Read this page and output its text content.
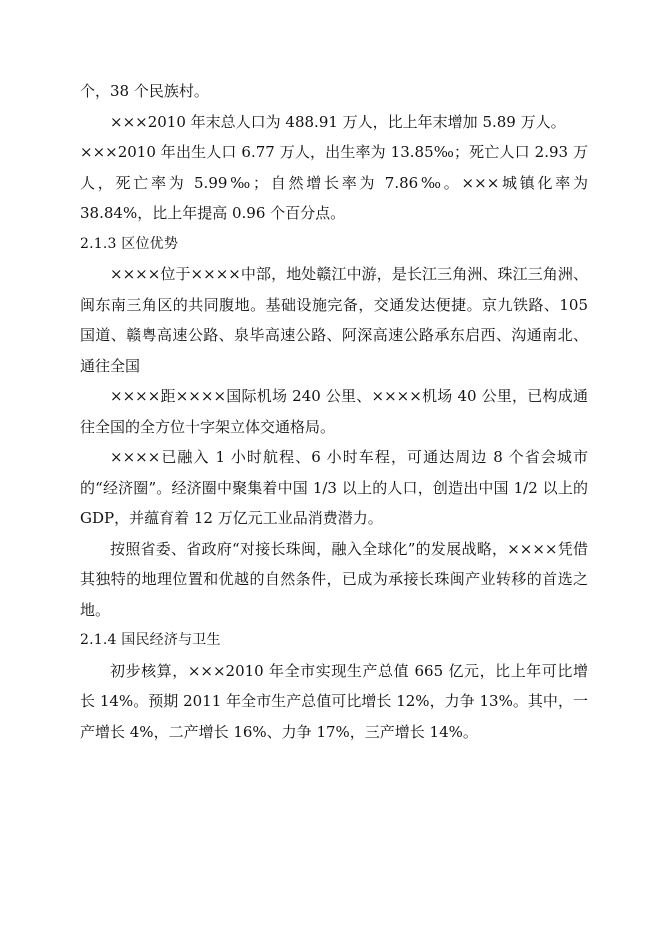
个，38 个民族村。

×××2010 年末总人口为 488.91 万人，比上年末增加 5.89 万人。

×××2010 年出生人口 6.77 万人，出生率为 13.85‰；死亡人口 2.93 万人，死亡率为 5.99‰；自然增长率为 7.86‰。×××城镇化率为 38.84%，比上年提高 0.96 个百分点。

2.1.3 区位优势

××××位于××××中部，地处赣江中游，是长江三角洲、珠江三角洲、闽东南三角区的共同腹地。基础设施完备，交通发达便捷。京九铁路、105 国道、赣粤高速公路、泉毕高速公路、阿深高速公路承东启西、沟通南北、通往全国

××××距××××国际机场 240 公里、××××机场 40 公里，已构成通往全国的全方位十字架立体交通格局。

××××已融入 1 小时航程、6 小时车程，可通达周边 8 个省会城市的“经济圈”。经济圈中聚集着中国 1/3 以上的人口，创造出中国 1/2 以上的 GDP，并蕴育着 12 万亿元工业品消费潜力。

按照省委、省政府“对接长珠闽，融入全球化”的发展战略，××××凭借其独特的地理位置和优越的自然条件，已成为承接长珠闽产业转移的首选之地。

2.1.4 国民经济与卫生

初步核算，×××2010 年全市实现生产总值 665 亿元，比上年可比增长 14%。预期 2011 年全市生产总值可比增长 12%，力争 13%。其中，一产增长 4%，二产增长 16%、力争 17%，三产增长 14%。
